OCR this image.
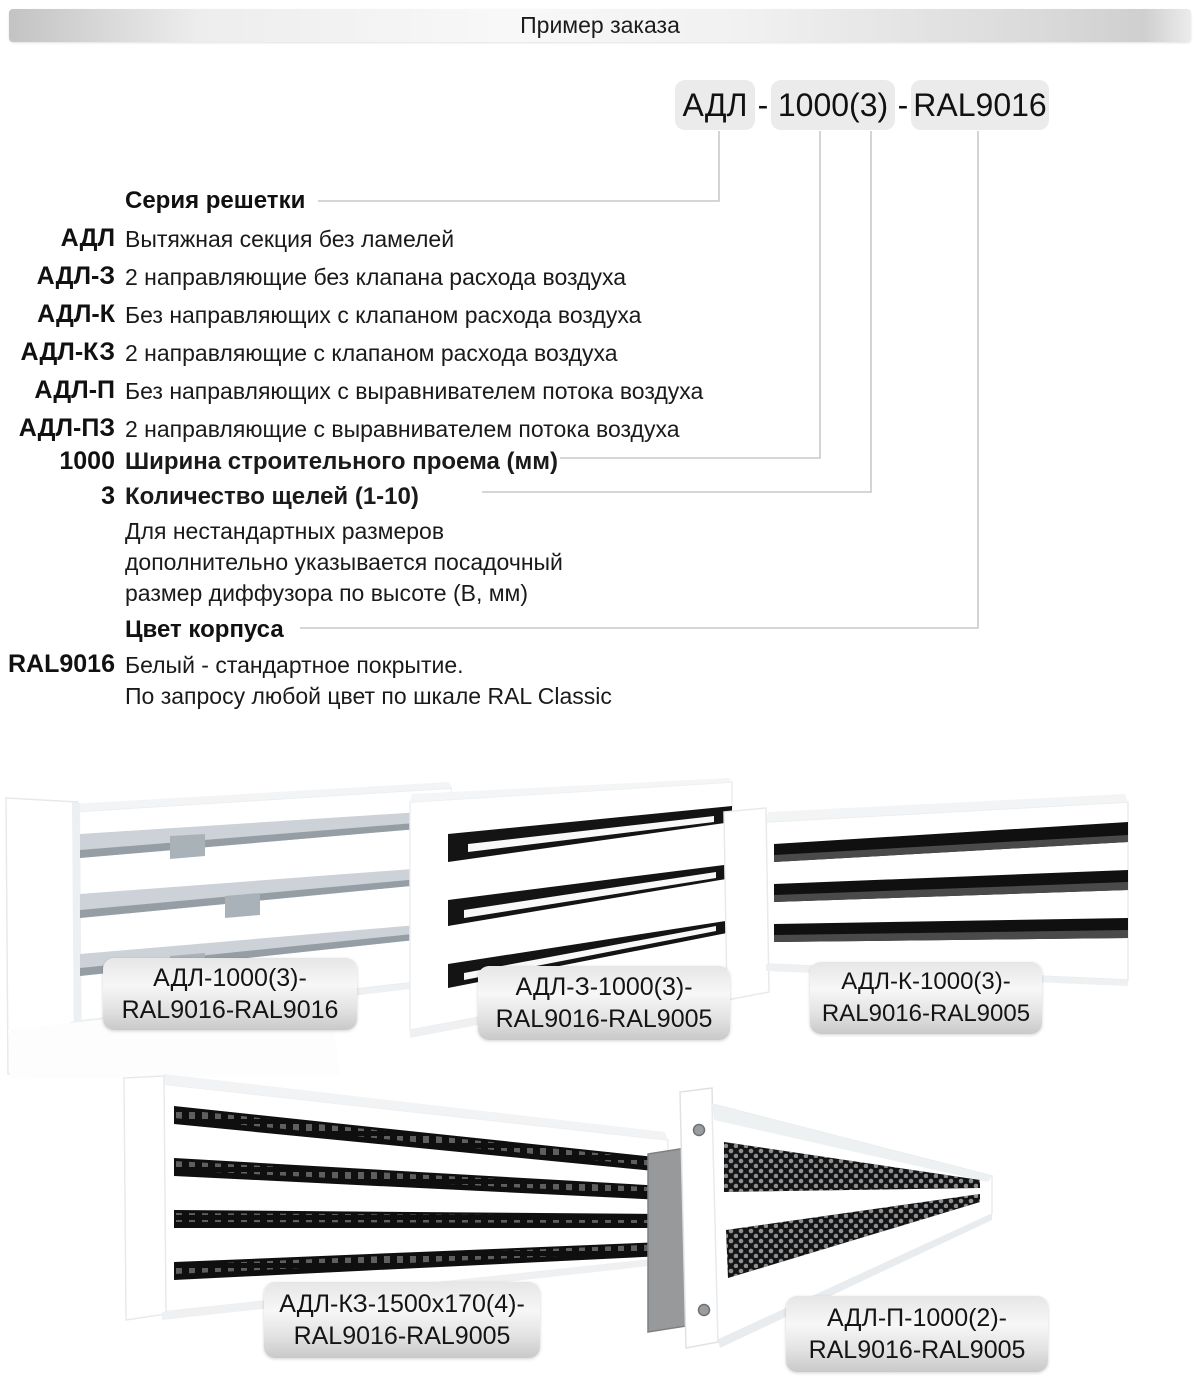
Пример заказа
АДЛ - 1000(3) - RAL9016
Серия решетки
АДЛ Вытяжная секция без ламелей
АДЛ-З 2 направляющие без клапана расхода воздуха
АДЛ-К Без направляющих с клапаном расхода воздуха
АДЛ-КЗ 2 направляющие с клапаном расхода воздуха
АДЛ-П Без направляющих с выравнивателем потока воздуха
АДЛ-ПЗ 2 направляющие с выравнивателем потока воздуха
1000 Ширина строительного проема (мм)
3 Количество щелей (1-10)
Для нестандартных размеров
дополнительно указывается посадочный
размер диффузора по высоте (В, мм)
Цвет корпуса
RAL9016 Белый - стандартное покрытие.
По запросу любой цвет по шкале RAL Classic
АДЛ-1000(3)-
RAL9016-RAL9016
АДЛ-З-1000(3)-
RAL9016-RAL9005
АДЛ-К-1000(3)-
RAL9016-RAL9005
АДЛ-КЗ-1500х170(4)-
RAL9016-RAL9005
АДЛ-П-1000(2)-
RAL9016-RAL9005
